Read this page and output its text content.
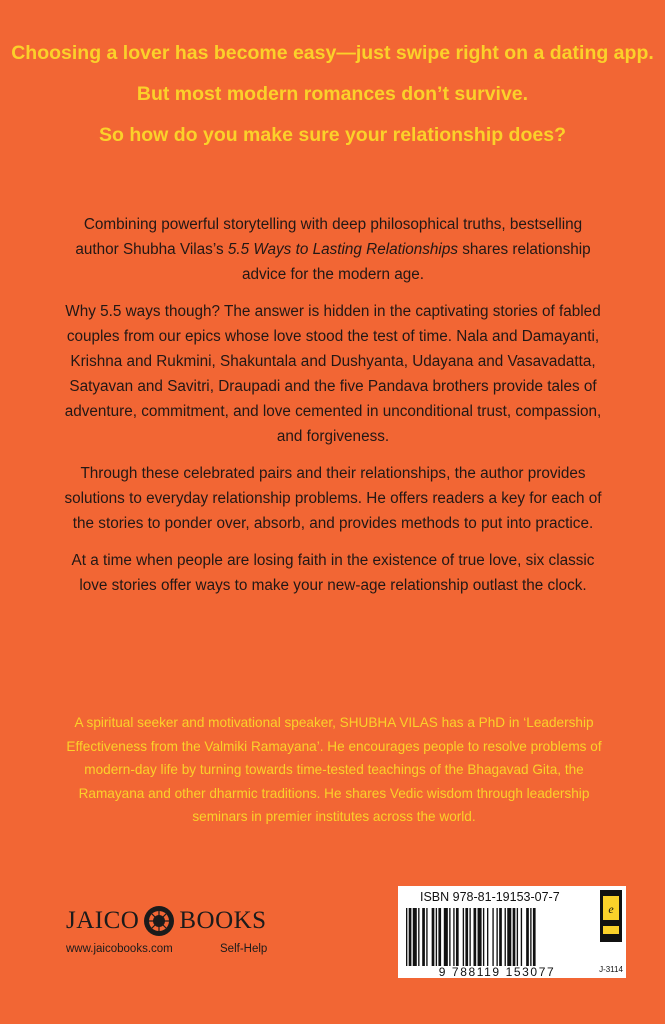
Choosing a lover has become easy—just swipe right on a dating app.

But most modern romances don’t survive.

So how do you make sure your relationship does?

Combining powerful storytelling with deep philosophical truths, bestselling author Shubha Vilas’s 5.5 Ways to Lasting Relationships shares relationship advice for the modern age.

Why 5.5 ways though? The answer is hidden in the captivating stories of fabled couples from our epics whose love stood the test of time. Nala and Damayanti, Krishna and Rukmini, Shakuntala and Dushyanta, Udayana and Vasavadatta, Satyavan and Savitri, Draupadi and the five Pandava brothers provide tales of adventure, commitment, and love cemented in unconditional trust, compassion, and forgiveness.

Through these celebrated pairs and their relationships, the author provides solutions to everyday relationship problems. He offers readers a key for each of the stories to ponder over, absorb, and provides methods to put into practice.

At a time when people are losing faith in the existence of true love, six classic love stories offer ways to make your new-age relationship outlast the clock.

A spiritual seeker and motivational speaker, SHUBHA VILAS has a PhD in ‘Leadership Effectiveness from the Valmiki Ramayana’. He encourages people to resolve problems of modern-day life by turning towards time-tested teachings of the Bhagavad Gita, the Ramayana and other dharmic traditions. He shares Vedic wisdom through leadership seminars in premier institutes across the world.
JAICO BOOKS
www.jaicobooks.com	Self-Help
ISBN 978-81-19153-07-7
9 788119 153077
e
J-3114
